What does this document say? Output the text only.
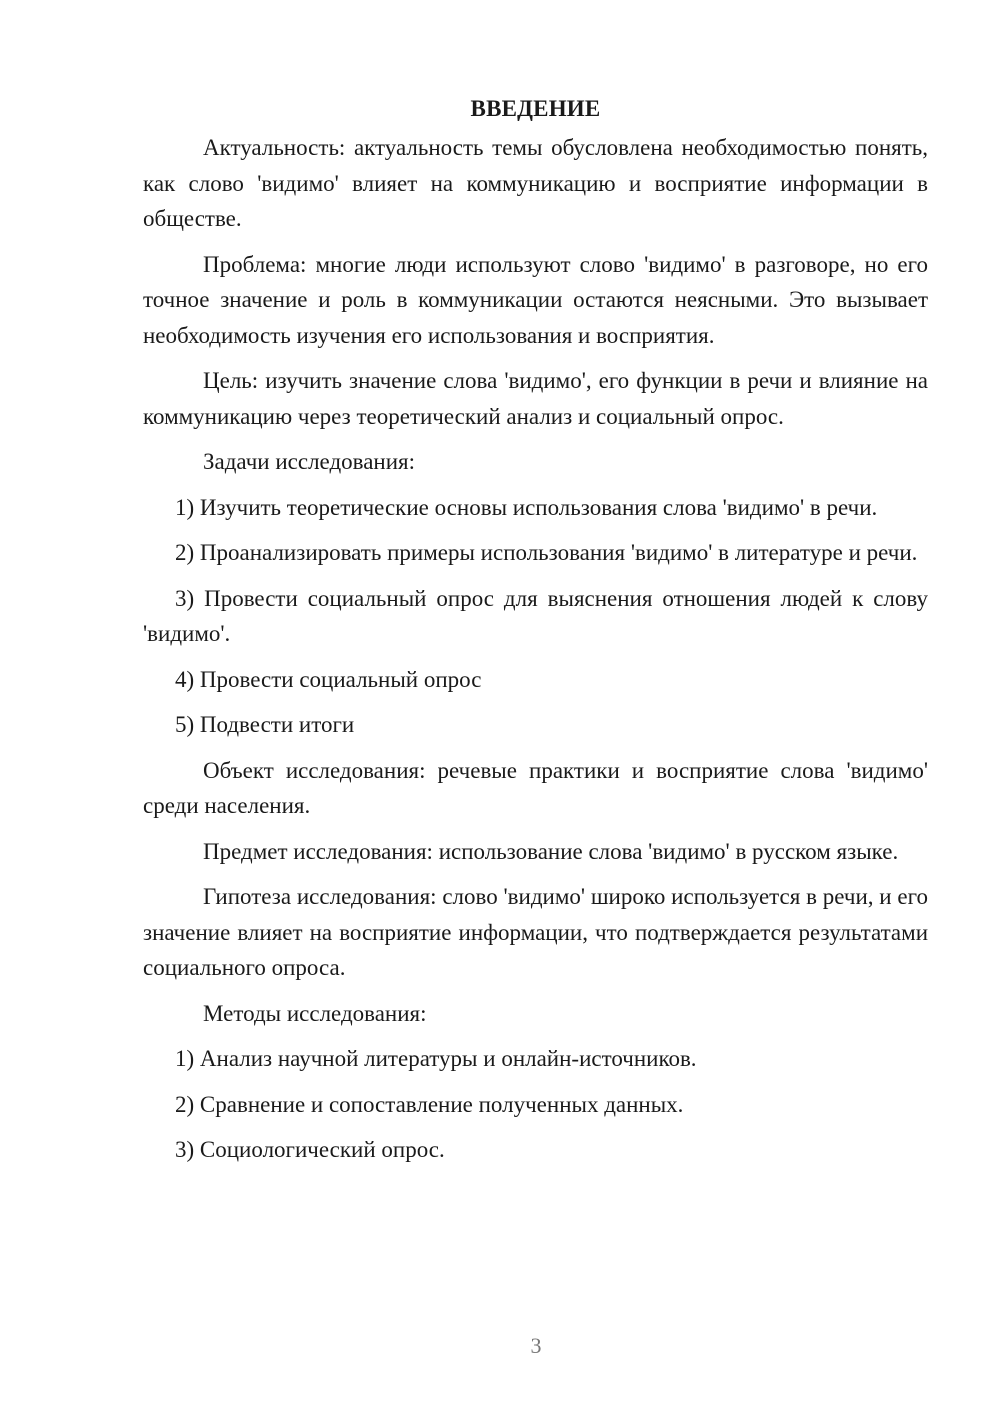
ВВЕДЕНИЕ

Актуальность: актуальность темы обусловлена необходимостью понять, как слово 'видимо' влияет на коммуникацию и восприятие информации в обществе.

Проблема: многие люди используют слово 'видимо' в разговоре, но его точное значение и роль в коммуникации остаются неясными. Это вызывает необходимость изучения его использования и восприятия.

Цель: изучить значение слова 'видимо', его функции в речи и влияние на коммуникацию через теоретический анализ и социальный опрос.

Задачи исследования:

1) Изучить теоретические основы использования слова 'видимо' в речи.

2) Проанализировать примеры использования 'видимо' в литературе и речи.

3) Провести социальный опрос для выяснения отношения людей к слову 'видимо'.

4) Провести социальный опрос

5) Подвести итоги

Объект исследования: речевые практики и восприятие слова 'видимо' среди населения.

Предмет исследования: использование слова 'видимо' в русском языке.

Гипотеза исследования: слово 'видимо' широко используется в речи, и его значение влияет на восприятие информации, что подтверждается результатами социального опроса.

Методы исследования:

1) Анализ научной литературы и онлайн-источников.

2) Сравнение и сопоставление полученных данных.

3) Социологический опрос.

3
